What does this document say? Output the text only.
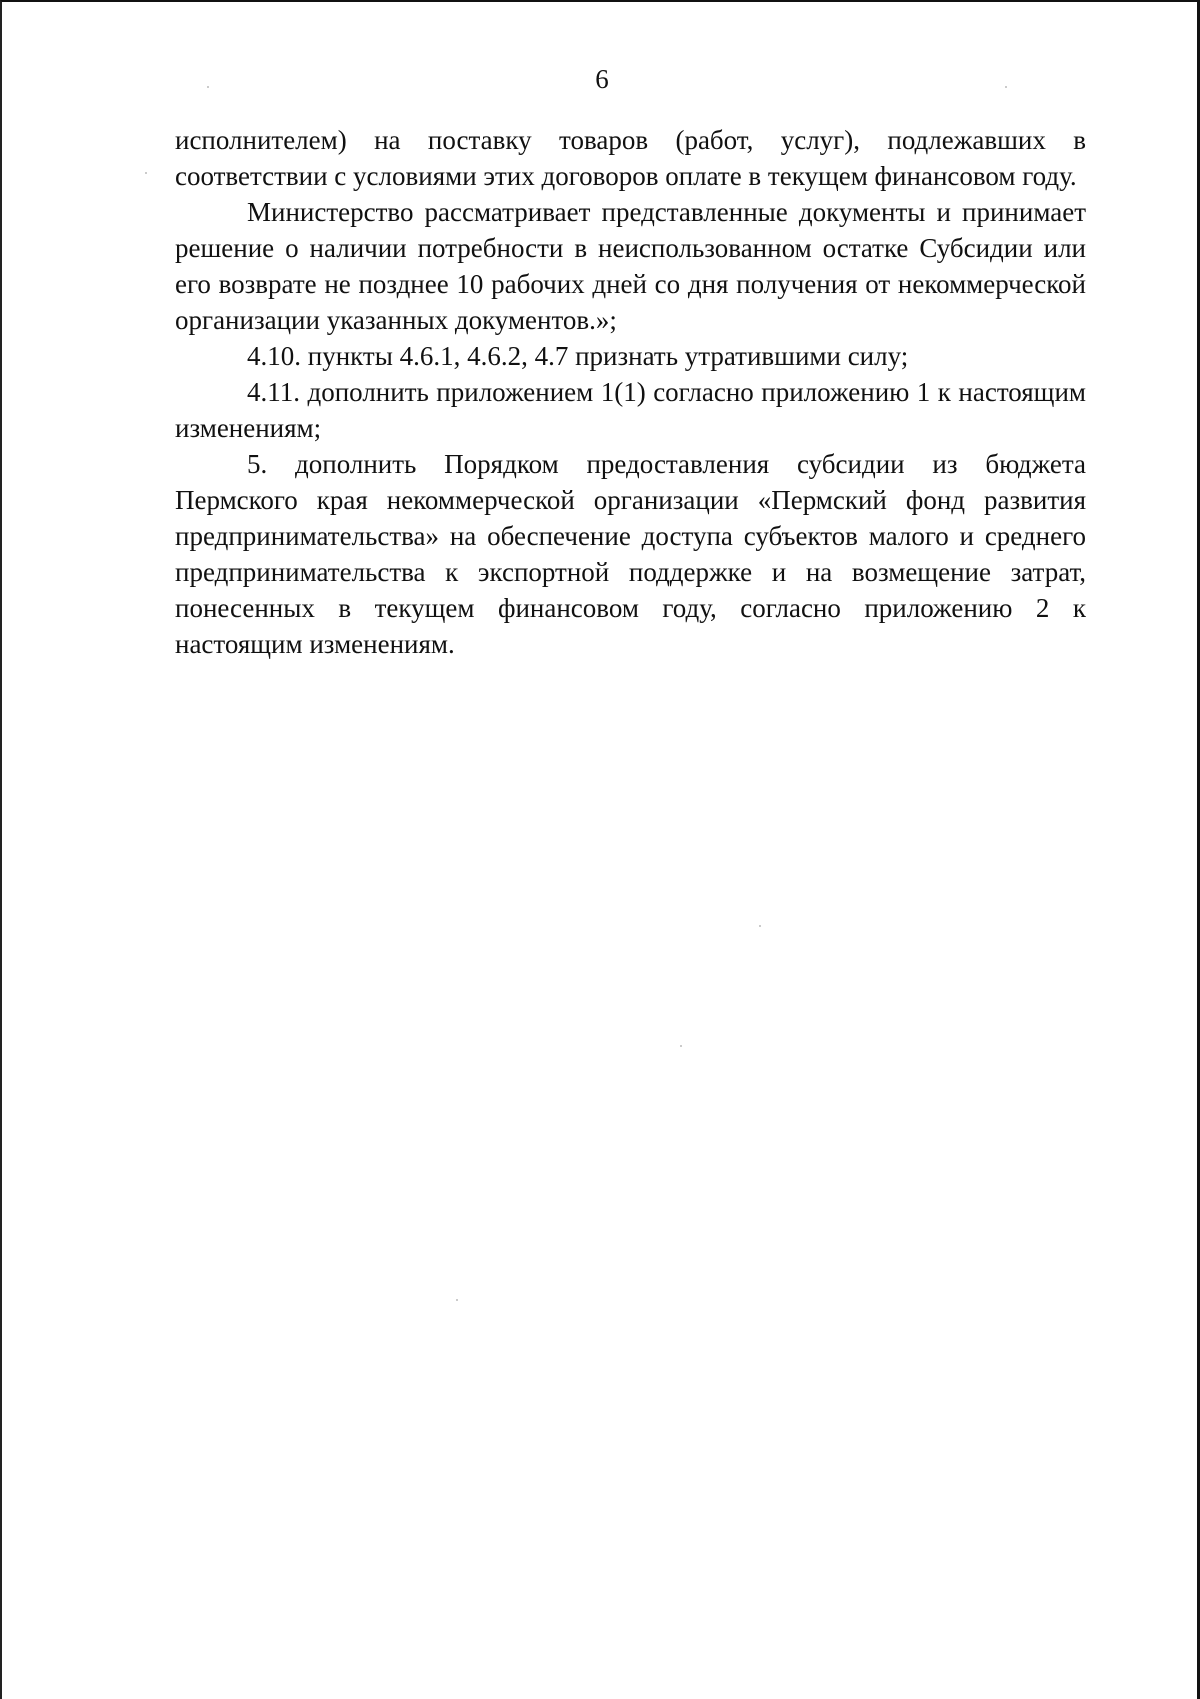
6

исполнителем) на поставку товаров (работ, услуг), подлежавших в соответствии с условиями этих договоров оплате в текущем финансовом году.

Министерство рассматривает представленные документы и принимает решение о наличии потребности в неиспользованном остатке Субсидии или его возврате не позднее 10 рабочих дней со дня получения от некоммерческой организации указанных документов.»;

4.10. пункты 4.6.1, 4.6.2, 4.7 признать утратившими силу;

4.11. дополнить приложением 1(1) согласно приложению 1 к настоящим изменениям;

5. дополнить Порядком предоставления субсидии из бюджета Пермского края некоммерческой организации «Пермский фонд развития предпринимательства» на обеспечение доступа субъектов малого и среднего предпринимательства к экспортной поддержке и на возмещение затрат, понесенных в текущем финансовом году, согласно приложению 2 к настоящим изменениям.
